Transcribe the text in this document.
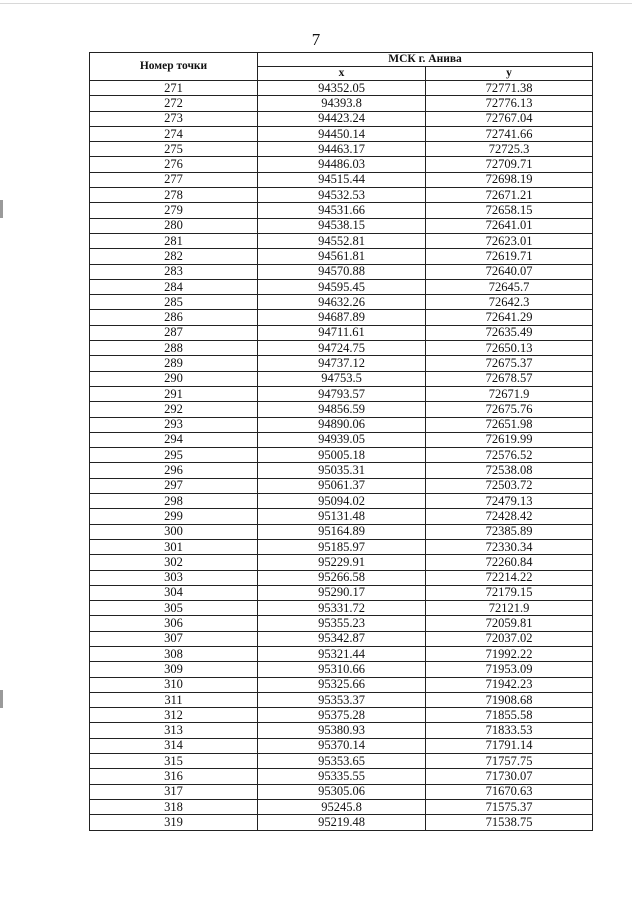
7
Номер точки	МСК г. Анива	
	x	y
271	94352.05	72771.38
272	94393.8	72776.13
273	94423.24	72767.04
274	94450.14	72741.66
275	94463.17	72725.3
276	94486.03	72709.71
277	94515.44	72698.19
278	94532.53	72671.21
279	94531.66	72658.15
280	94538.15	72641.01
281	94552.81	72623.01
282	94561.81	72619.71
283	94570.88	72640.07
284	94595.45	72645.7
285	94632.26	72642.3
286	94687.89	72641.29
287	94711.61	72635.49
288	94724.75	72650.13
289	94737.12	72675.37
290	94753.5	72678.57
291	94793.57	72671.9
292	94856.59	72675.76
293	94890.06	72651.98
294	94939.05	72619.99
295	95005.18	72576.52
296	95035.31	72538.08
297	95061.37	72503.72
298	95094.02	72479.13
299	95131.48	72428.42
300	95164.89	72385.89
301	95185.97	72330.34
302	95229.91	72260.84
303	95266.58	72214.22
304	95290.17	72179.15
305	95331.72	72121.9
306	95355.23	72059.81
307	95342.87	72037.02
308	95321.44	71992.22
309	95310.66	71953.09
310	95325.66	71942.23
311	95353.37	71908.68
312	95375.28	71855.58
313	95380.93	71833.53
314	95370.14	71791.14
315	95353.65	71757.75
316	95335.55	71730.07
317	95305.06	71670.63
318	95245.8	71575.37
319	95219.48	71538.75
